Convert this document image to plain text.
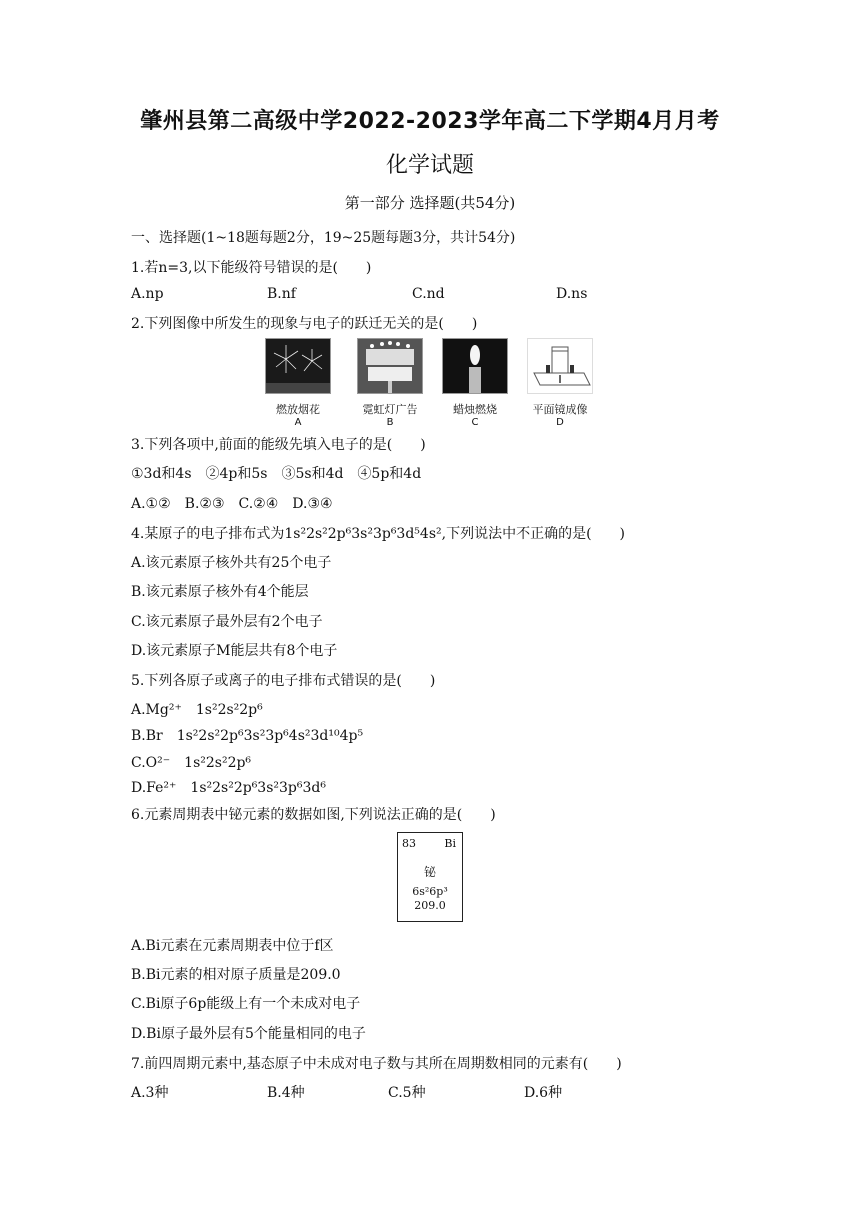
肇州县第二高级中学2022-2023学年高二下学期4月月考
化学试题
第一部分 选择题(共54分)
一、选择题(1~18题每题2分，19~25题每题3分，共计54分)
1.若n=3,以下能级符号错误的是(　　)
A.np	B.nf	C.nd	D.ns
2.下列图像中所发生的现象与电子的跃迁无关的是(　　)
燃放烟花
A
霓虹灯广告
B
蜡烛燃烧
C
平面镜成像
D
3.下列各项中,前面的能级先填入电子的是(　　)
①3d和4s　②4p和5s　③5s和4d　④5p和4d
A.①②　B.②③　C.②④　D.③④
4.某原子的电子排布式为1s²2s²2p⁶3s²3p⁶3d⁵4s²,下列说法中不正确的是(　　)
A.该元素原子核外共有25个电子
B.该元素原子核外有4个能层
C.该元素原子最外层有2个电子
D.该元素原子M能层共有8个电子
5.下列各原子或离子的电子排布式错误的是(　　)
A.Mg²⁺　 1s²2s²2p⁶
B.Br　 1s²2s²2p⁶3s²3p⁶4s²3d¹⁰4p⁵
C.O²⁻　 1s²2s²2p⁶
D.Fe²⁺　 1s²2s²2p⁶3s²3p⁶3d⁶
6.元素周期表中铋元素的数据如图,下列说法正确的是(　　)
83	Bi
铋
6s²6p³
209.0
A.Bi元素在元素周期表中位于f区
B.Bi元素的相对原子质量是209.0
C.Bi原子6p能级上有一个未成对电子
D.Bi原子最外层有5个能量相同的电子
7.前四周期元素中,基态原子中未成对电子数与其所在周期数相同的元素有(　　)
A.3种	B.4种	C.5种	D.6种
